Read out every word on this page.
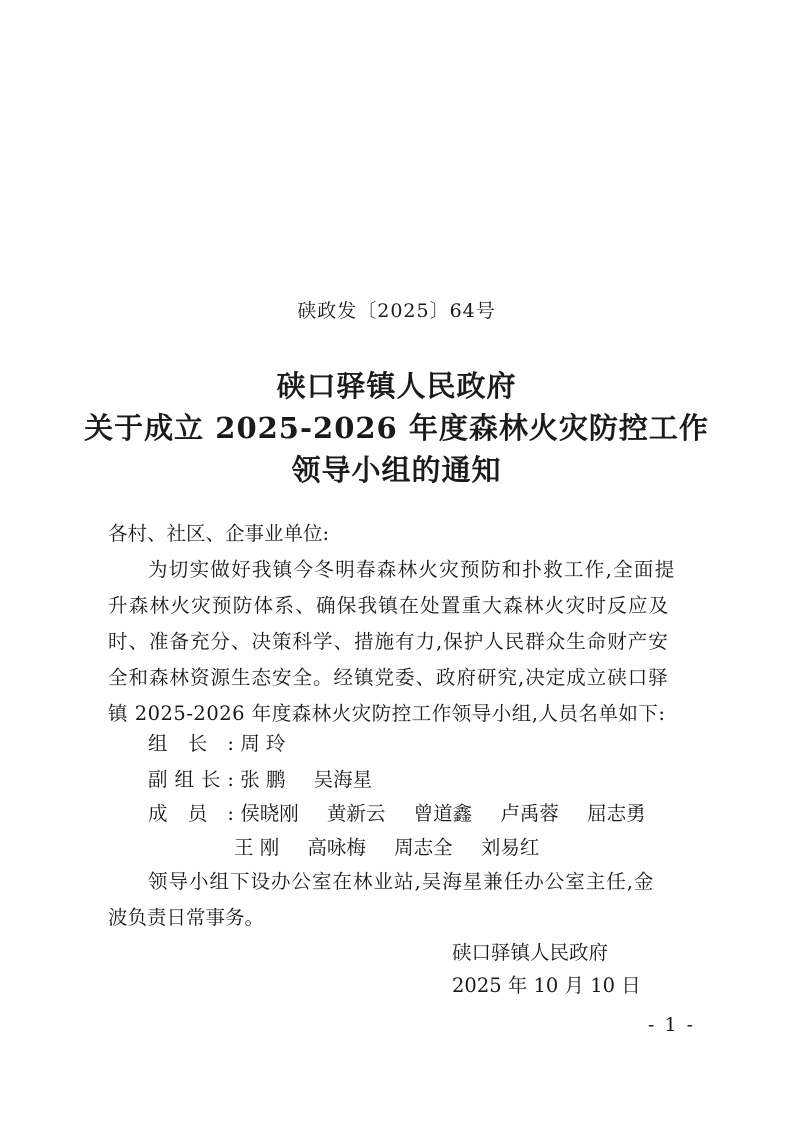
硖政发〔2025〕64号
硖口驿镇人民政府
关于成立 2025-2026 年度森林火灾防控工作
领导小组的通知
各村、社区、企事业单位:
为切实做好我镇今冬明春森林火灾预防和扑救工作,全面提
升森林火灾预防体系、确保我镇在处置重大森林火灾时反应及
时、准备充分、决策科学、措施有力,保护人民群众生命财产安
全和森林资源生态安全。经镇党委、政府研究,决定成立硖口驿
镇 2025-2026 年度森林火灾防控工作领导小组,人员名单如下:
组长: 周 玲
副组长: 张 鹏 吴海星
成员: 侯晓刚 黄新云 曾道鑫 卢禹蓉 屈志勇
王 刚 高咏梅 周志全 刘易红
领导小组下设办公室在林业站,吴海星兼任办公室主任,金
波负责日常事务。
硖口驿镇人民政府
2025 年 10 月 10 日
- 1 -
